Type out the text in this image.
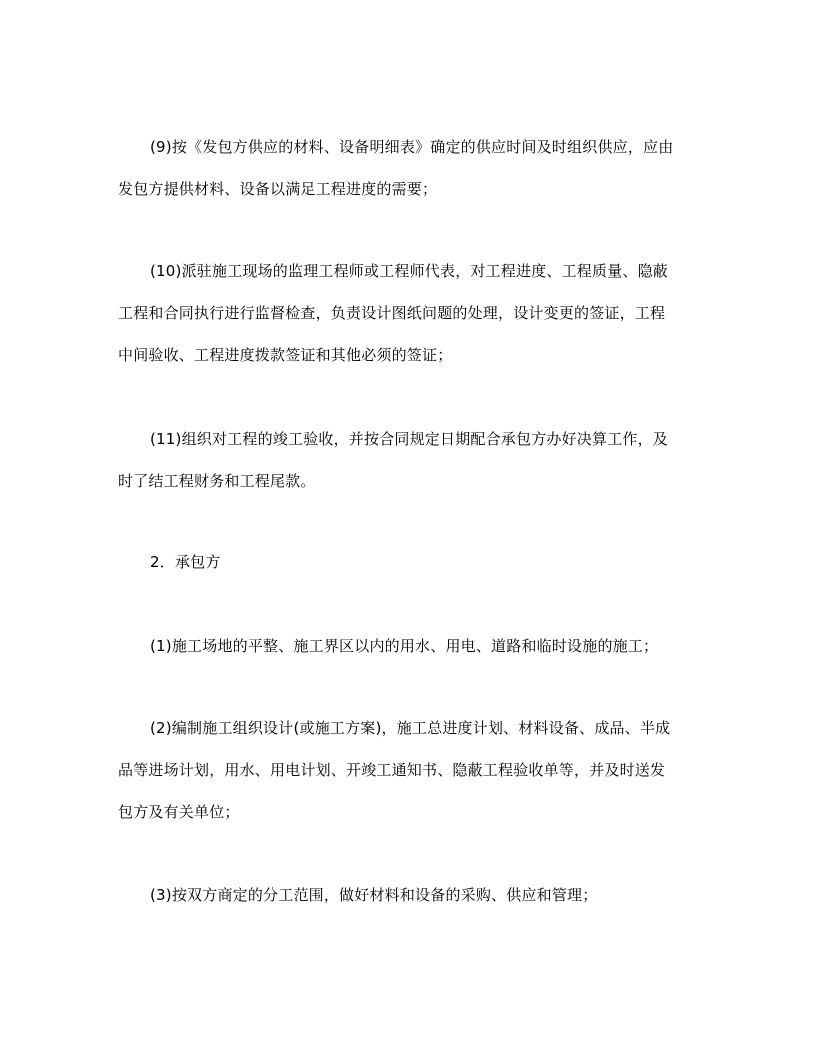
(9)按《发包方供应的材料、设备明细表》确定的供应时间及时组织供应，应由
发包方提供材料、设备以满足工程进度的需要；
(10)派驻施工现场的监理工程师或工程师代表，对工程进度、工程质量、隐蔽
工程和合同执行进行监督检查，负责设计图纸问题的处理，设计变更的签证，工程
中间验收、工程进度拨款签证和其他必须的签证；
(11)组织对工程的竣工验收，并按合同规定日期配合承包方办好决算工作，及
时了结工程财务和工程尾款。
2．承包方
(1)施工场地的平整、施工界区以内的用水、用电、道路和临时设施的施工；
(2)编制施工组织设计(或施工方案)，施工总进度计划、材料设备、成品、半成
品等进场计划，用水、用电计划、开竣工通知书、隐蔽工程验收单等，并及时送发
包方及有关单位；
(3)按双方商定的分工范围，做好材料和设备的采购、供应和管理；
